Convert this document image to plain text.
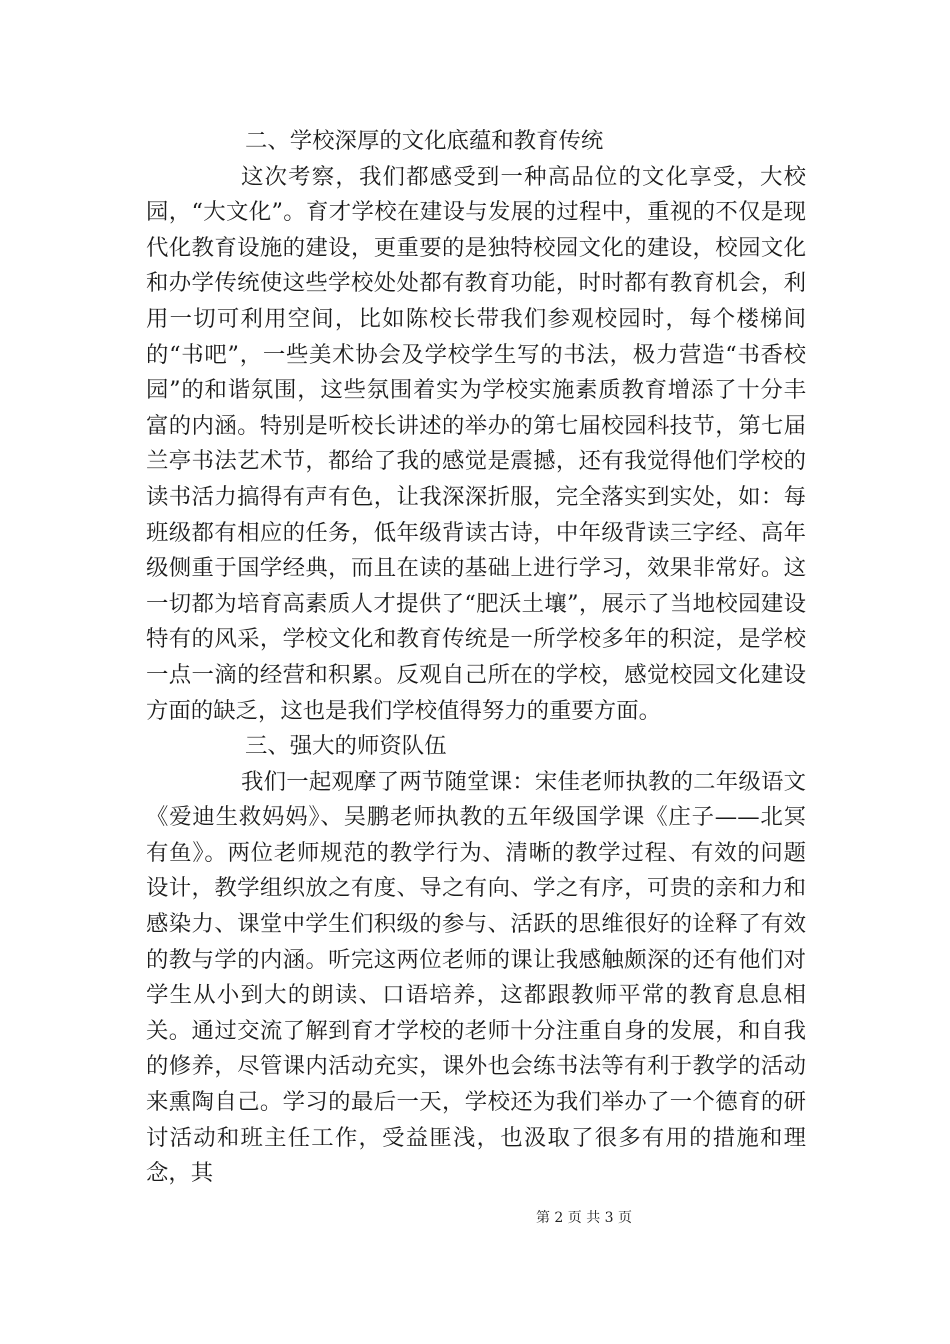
二、学校深厚的文化底蕴和教育传统

这次考察，我们都感受到一种高品位的文化享受，大校园，“大文化”。育才学校在建设与发展的过程中，重视的不仅是现代化教育设施的建设，更重要的是独特校园文化的建设，校园文化和办学传统使这些学校处处都有教育功能，时时都有教育机会，利用一切可利用空间，比如陈校长带我们参观校园时，每个楼梯间的“书吧”，一些美术协会及学校学生写的书法，极力营造“书香校园”的和谐氛围，这些氛围着实为学校实施素质教育增添了十分丰富的内涵。特别是听校长讲述的举办的第七届校园科技节，第七届兰亭书法艺术节，都给了我的感觉是震撼，还有我觉得他们学校的读书活力搞得有声有色，让我深深折服，完全落实到实处，如：每班级都有相应的任务，低年级背读古诗，中年级背读三字经、高年级侧重于国学经典，而且在读的基础上进行学习，效果非常好。这一切都为培育高素质人才提供了“肥沃土壤”，展示了当地校园建设特有的风采，学校文化和教育传统是一所学校多年的积淀，是学校一点一滴的经营和积累。反观自己所在的学校，感觉校园文化建设方面的缺乏，这也是我们学校值得努力的重要方面。

三、强大的师资队伍

我们一起观摩了两节随堂课：宋佳老师执教的二年级语文《爱迪生救妈妈》、吴鹏老师执教的五年级国学课《庄子——北冥有鱼》。两位老师规范的教学行为、清晰的教学过程、有效的问题设计，教学组织放之有度、导之有向、学之有序，可贵的亲和力和感染力、课堂中学生们积级的参与、活跃的思维很好的诠释了有效的教与学的内涵。听完这两位老师的课让我感触颇深的还有他们对学生从小到大的朗读、口语培养，这都跟教师平常的教育息息相关。通过交流了解到育才学校的老师十分注重自身的发展，和自我的修养，尽管课内活动充实，课外也会练书法等有利于教学的活动来熏陶自己。学习的最后一天，学校还为我们举办了一个德育的研讨活动和班主任工作，受益匪浅，也汲取了很多有用的措施和理念，其

第 2 页 共 3 页
